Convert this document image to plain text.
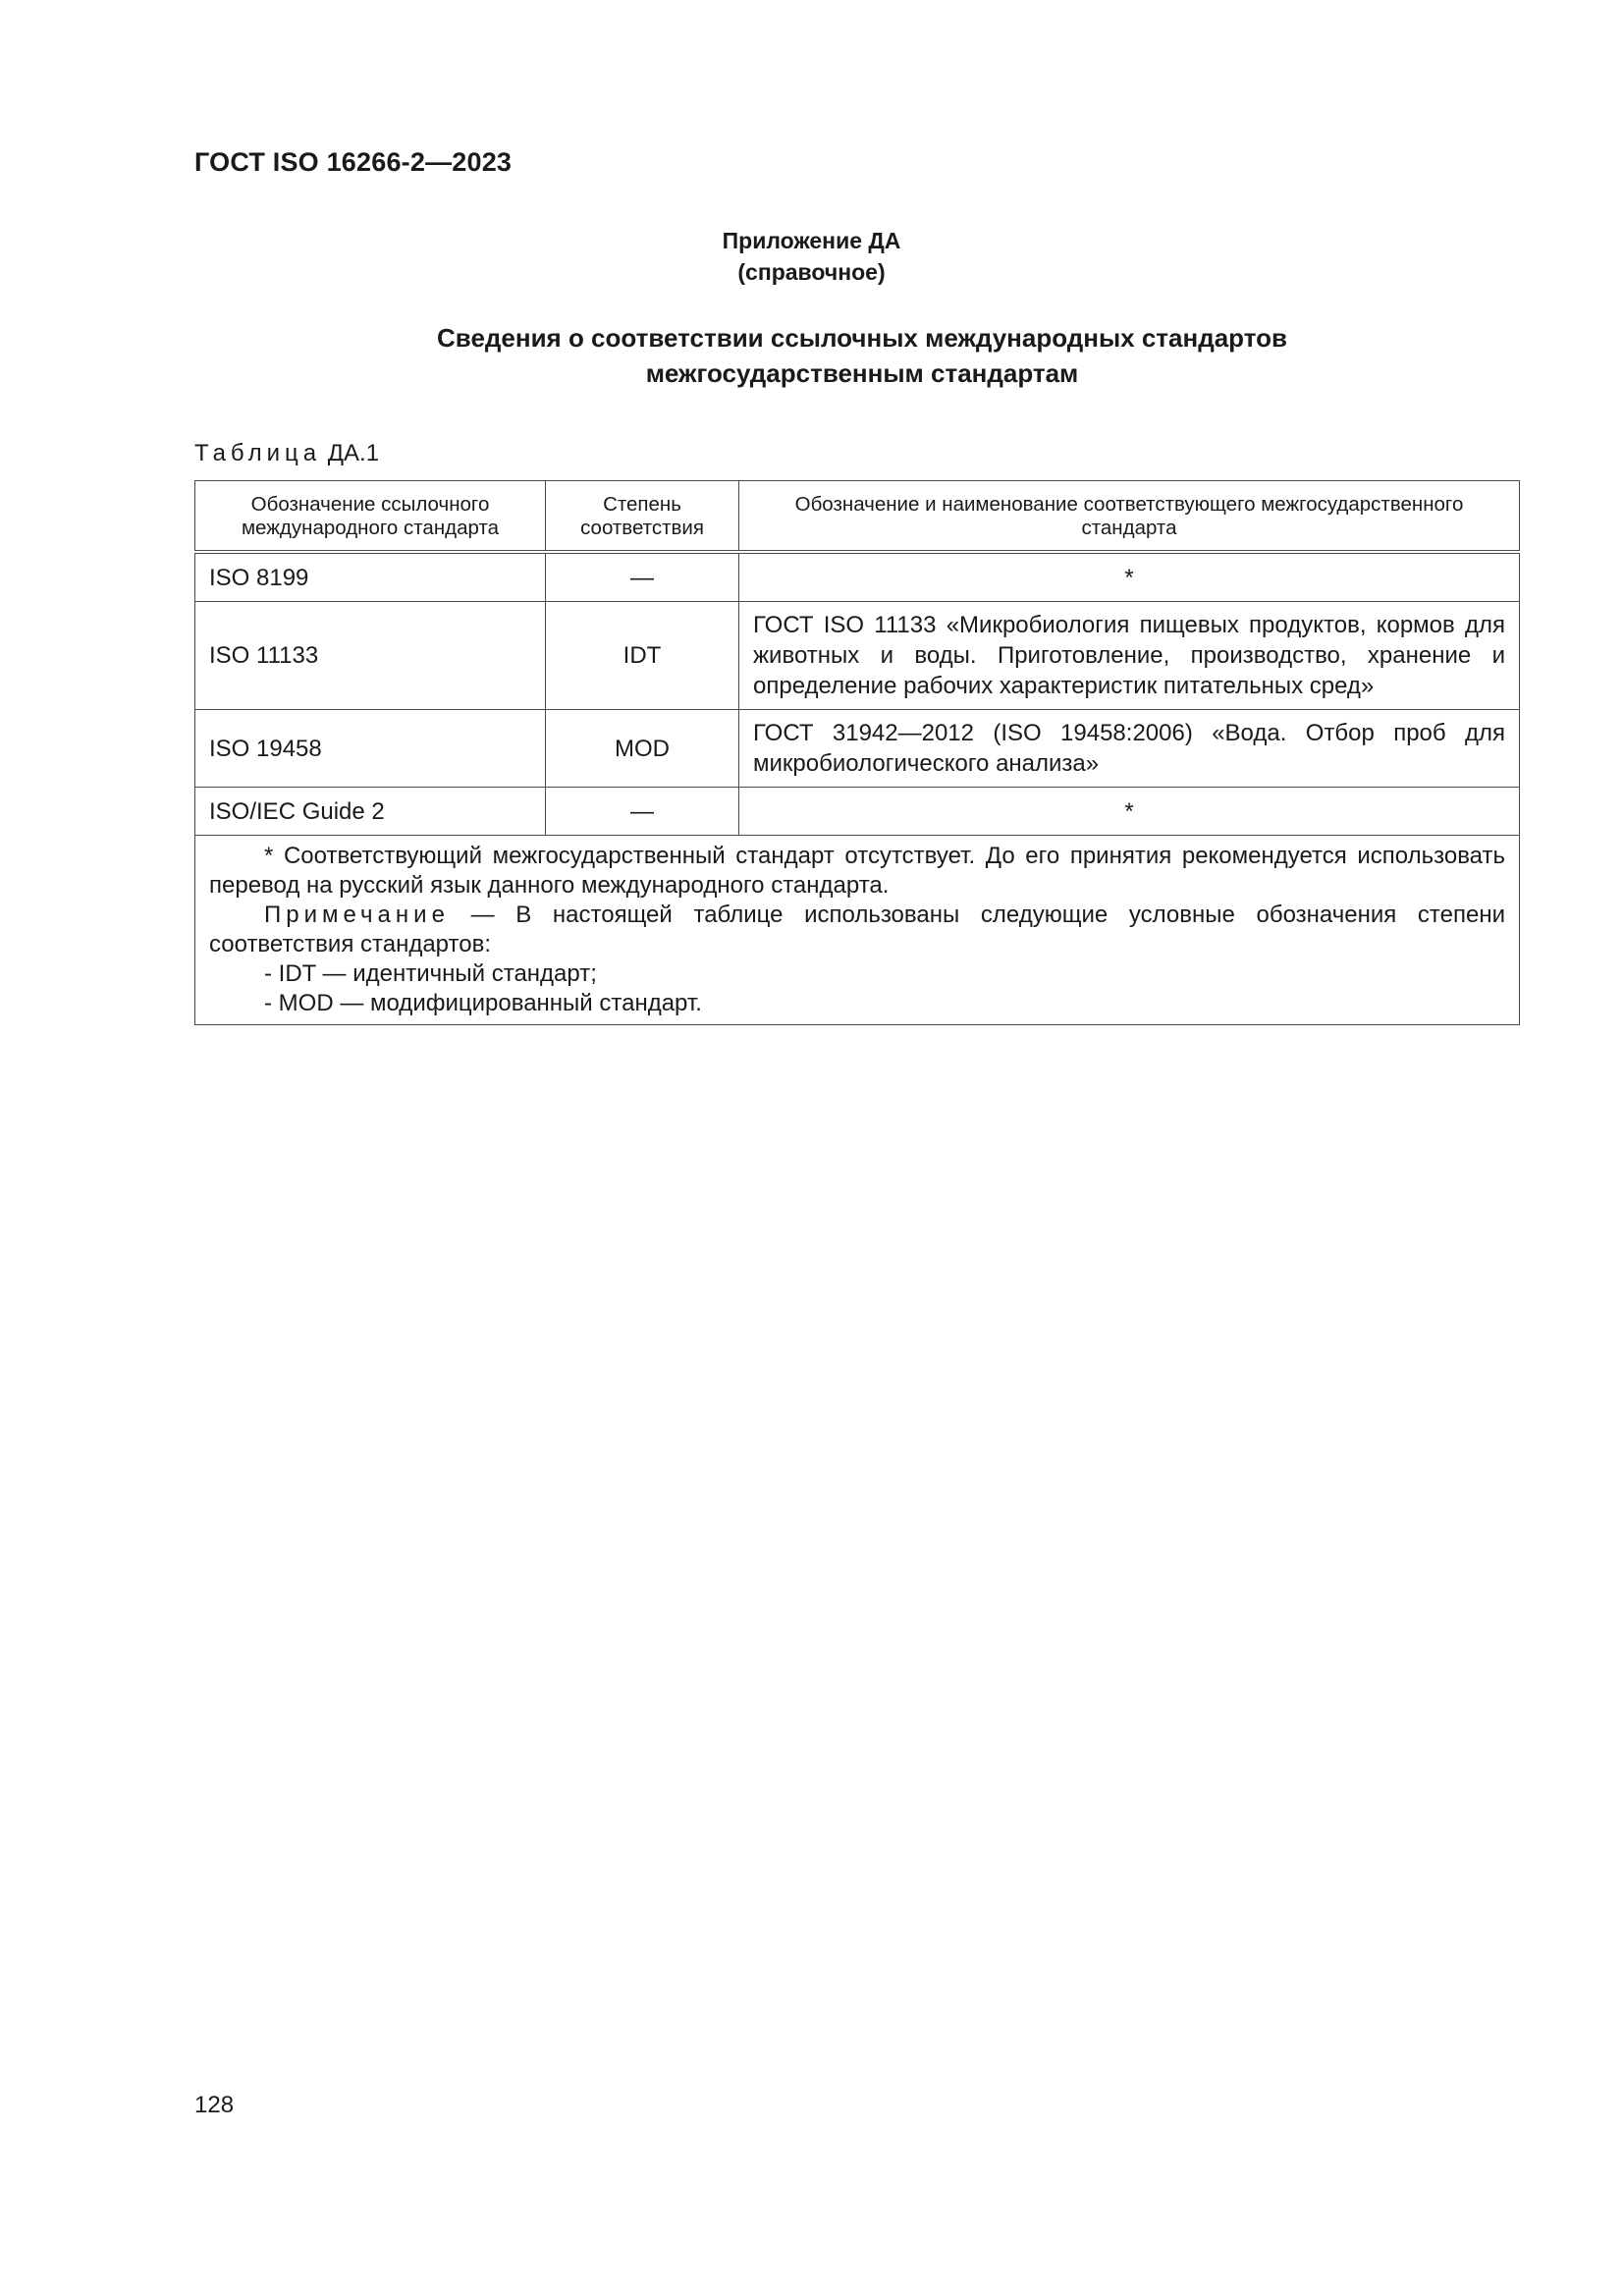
ГОСТ ISO 16266-2—2023
Приложение ДА
(справочное)
Сведения о соответствии ссылочных международных стандартов
межгосударственным стандартам
Таблица ДА.1
Обозначение ссылочного международного стандарта	Степень соответствия	Обозначение и наименование соответствующего межгосударственного стандарта
ISO 8199	—	*
ISO 11133	IDT	ГОСТ ISO 11133 «Микробиология пищевых продуктов, кормов для животных и воды. Приготовление, производство, хранение и определение рабочих характеристик питательных сред»
ISO 19458	MOD	ГОСТ 31942—2012 (ISO 19458:2006) «Вода. Отбор проб для микробиологического анализа»
ISO/IEC Guide 2	—	*

* Соответствующий межгосударственный стандарт отсутствует. До его принятия рекомендуется использовать перевод на русский язык данного международного стандарта.

Примечание — В настоящей таблице использованы следующие условные обозначения степени соответствия стандартов:

- IDT — идентичный стандарт;

- MOD — модифицированный стандарт.		

128
